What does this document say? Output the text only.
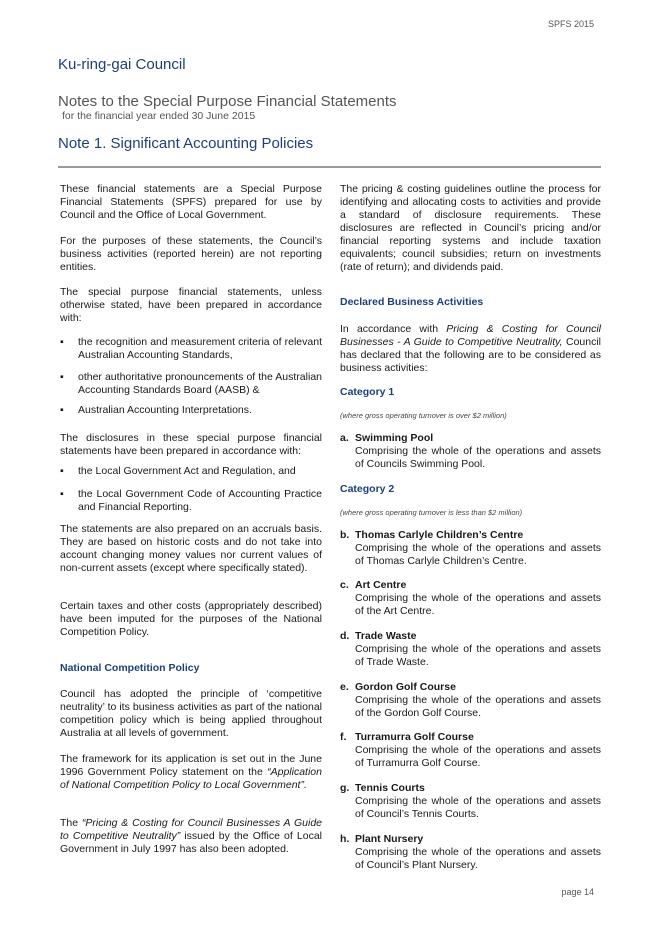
SPFS 2015
Ku-ring-gai Council
Notes to the Special Purpose Financial Statements
for the financial year ended 30 June 2015
Note 1. Significant Accounting Policies

These financial statements are a Special Purpose Financial Statements (SPFS) prepared for use by Council and the Office of Local Government.

For the purposes of these statements, the Council’s business activities (reported herein) are not reporting entities.

The special purpose financial statements, unless otherwise stated, have been prepared in accordance with:

▪ the recognition and measurement criteria of relevant Australian Accounting Standards,

▪ other authoritative pronouncements of the Australian Accounting Standards Board (AASB) &

▪ Australian Accounting Interpretations.

The disclosures in these special purpose financial statements have been prepared in accordance with:

▪ the Local Government Act and Regulation, and

▪ the Local Government Code of Accounting Practice and Financial Reporting.

The statements are also prepared on an accruals basis. They are based on historic costs and do not take into account changing money values nor current values of non-current assets (except where specifically stated).

Certain taxes and other costs (appropriately described) have been imputed for the purposes of the National Competition Policy.

National Competition Policy

Council has adopted the principle of ‘competitive neutrality’ to its business activities as part of the national competition policy which is being applied throughout Australia at all levels of government.

The framework for its application is set out in the June 1996 Government Policy statement on the “Application of National Competition Policy to Local Government”.

The “Pricing & Costing for Council Businesses A Guide to Competitive Neutrality” issued by the Office of Local Government in July 1997 has also been adopted.

The pricing & costing guidelines outline the process for identifying and allocating costs to activities and provide a standard of disclosure requirements. These disclosures are reflected in Council’s pricing and/or financial reporting systems and include taxation equivalents; council subsidies; return on investments (rate of return); and dividends paid.

Declared Business Activities

In accordance with Pricing & Costing for Council Businesses - A Guide to Competitive Neutrality, Council has declared that the following are to be considered as business activities:

Category 1
(where gross operating turnover is over $2 million)
a. Swimming Pool

Comprising the whole of the operations and assets of Councils Swimming Pool.

Category 2
(where gross operating turnover is less than $2 million)
b. Thomas Carlyle Children’s Centre

Comprising the whole of the operations and assets of Thomas Carlyle Children’s Centre.

c. Art Centre

Comprising the whole of the operations and assets of the Art Centre.

d. Trade Waste

Comprising the whole of the operations and assets of Trade Waste.

e. Gordon Golf Course

Comprising the whole of the operations and assets of the Gordon Golf Course.

f. Turramurra Golf Course

Comprising the whole of the operations and assets of Turramurra Golf Course.

g. Tennis Courts

Comprising the whole of the operations and assets of Council’s Tennis Courts.

h. Plant Nursery

Comprising the whole of the operations and assets of Council’s Plant Nursery.

page 14
